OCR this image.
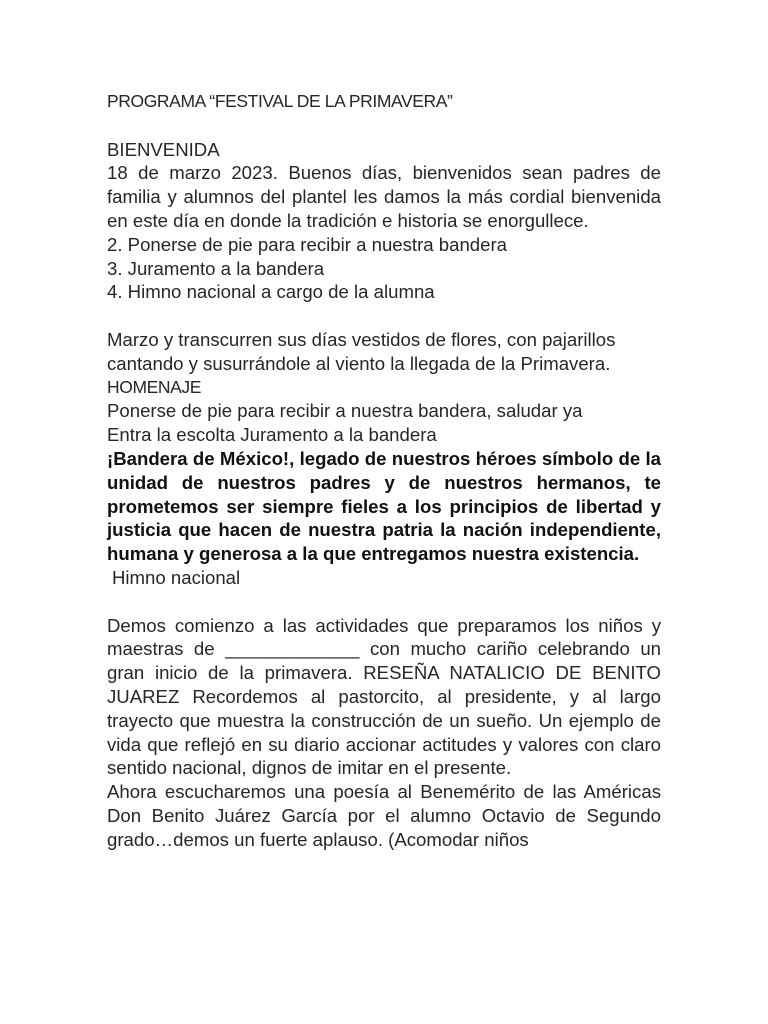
PROGRAMA “FESTIVAL DE LA PRIMAVERA”

BIENVENIDA

18 de marzo 2023. Buenos días, bienvenidos sean padres de familia y alumnos del plantel les damos la más cordial bienvenida en este día en donde la tradición e historia se enorgullece.

2. Ponerse de pie para recibir a nuestra bandera

3. Juramento a la bandera

4. Himno nacional a cargo de la alumna

Marzo y transcurren sus días vestidos de flores, con pajarillos cantando y susurrándole al viento la llegada de la Primavera.

HOMENAJE

Ponerse de pie para recibir a nuestra bandera, saludar ya

Entra la escolta Juramento a la bandera

¡Bandera de México!, legado de nuestros héroes símbolo de la unidad de nuestros padres y de nuestros hermanos, te prometemos ser siempre fieles a los principios de libertad y justicia que hacen de nuestra patria la nación independiente, humana y generosa a la que entregamos nuestra existencia.

Himno nacional

Demos comienzo a las actividades que preparamos los niños y maestras de _____________ con mucho cariño celebrando un gran inicio de la primavera. RESEÑA NATALICIO DE BENITO JUAREZ Recordemos al pastorcito, al presidente, y al largo trayecto que muestra la construcción de un sueño. Un ejemplo de vida que reflejó en su diario accionar actitudes y valores con claro sentido nacional, dignos de imitar en el presente.

Ahora escucharemos una poesía al Benemérito de las Américas Don Benito Juárez García por el alumno Octavio de Segundo grado…demos un fuerte aplauso. (Acomodar niños
